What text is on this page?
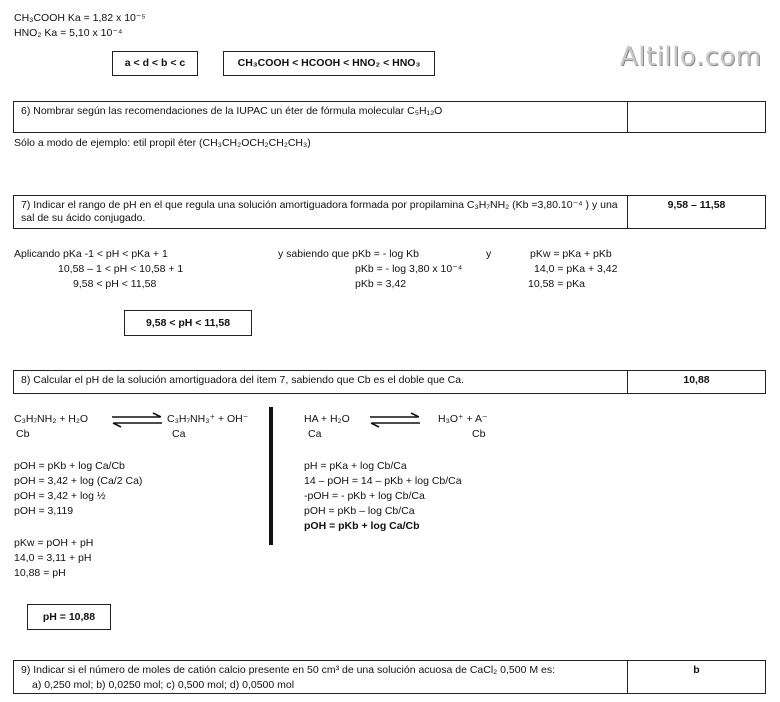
CH₃COOH Ka = 1,82 x 10⁻⁵
HNO₂ Ka = 5,10 x 10⁻⁴
a < d < b < c	CH₃COOH < HCOOH < HNO₂ < HNO₃	Altillo.com
6) Nombrar según las recomendaciones de la IUPAC un éter de fórmula molecular C₅H₁₂O
Sólo a modo de ejemplo: etil propil éter (CH₃CH₂OCH₂CH₂CH₃)
7) Indicar el rango de pH en el que regula una solución amortiguadora formada por propilamina C₃H₇NH₂ (Kb =3,80.10⁻⁴ ) y una sal de su ácido conjugado.
9,58 – 11,58
Aplicando pKa -1 < pH < pKa + 1
10,58 – 1 < pH < 10,58 + 1
9,58 < pH < 11,58
y sabiendo que pKb = - log Kb
pKb = - log 3,80 x 10⁻⁴
pKb = 3,42
y	pKw = pKa + pKb
14,0 = pKa + 3,42
10,58 = pKa
9,58 < pH < 11,58
8) Calcular el pH de la solución amortiguadora del item 7, sabiendo que Cb es el doble que Ca.	10,88
C₃H₇NH₂ + H₂O	C₃H₇NH₃⁺ + OH⁻
Cb	Ca
pOH = pKb + log Ca/Cb
pOH = 3,42 + log (Ca/2 Ca)
pOH = 3,42 + log ½
pOH = 3,119
pKw = pOH + pH
14,0 = 3,11 + pH
10,88 = pH
HA + H₂O	H₃O⁺ + A⁻
Ca	Cb
pH = pKa + log Cb/Ca
14 – pOH = 14 – pKb + log Cb/Ca
-pOH = - pKb + log Cb/Ca
pOH = pKb – log Cb/Ca
pOH = pKb + log Ca/Cb
pH = 10,88
9) Indicar si el número de moles de catión calcio presente en 50 cm³ de una solución acuosa de CaCl₂ 0,500 M es:
a) 0,250 mol; b) 0,0250 mol; c) 0,500 mol; d) 0,0500 mol
b
